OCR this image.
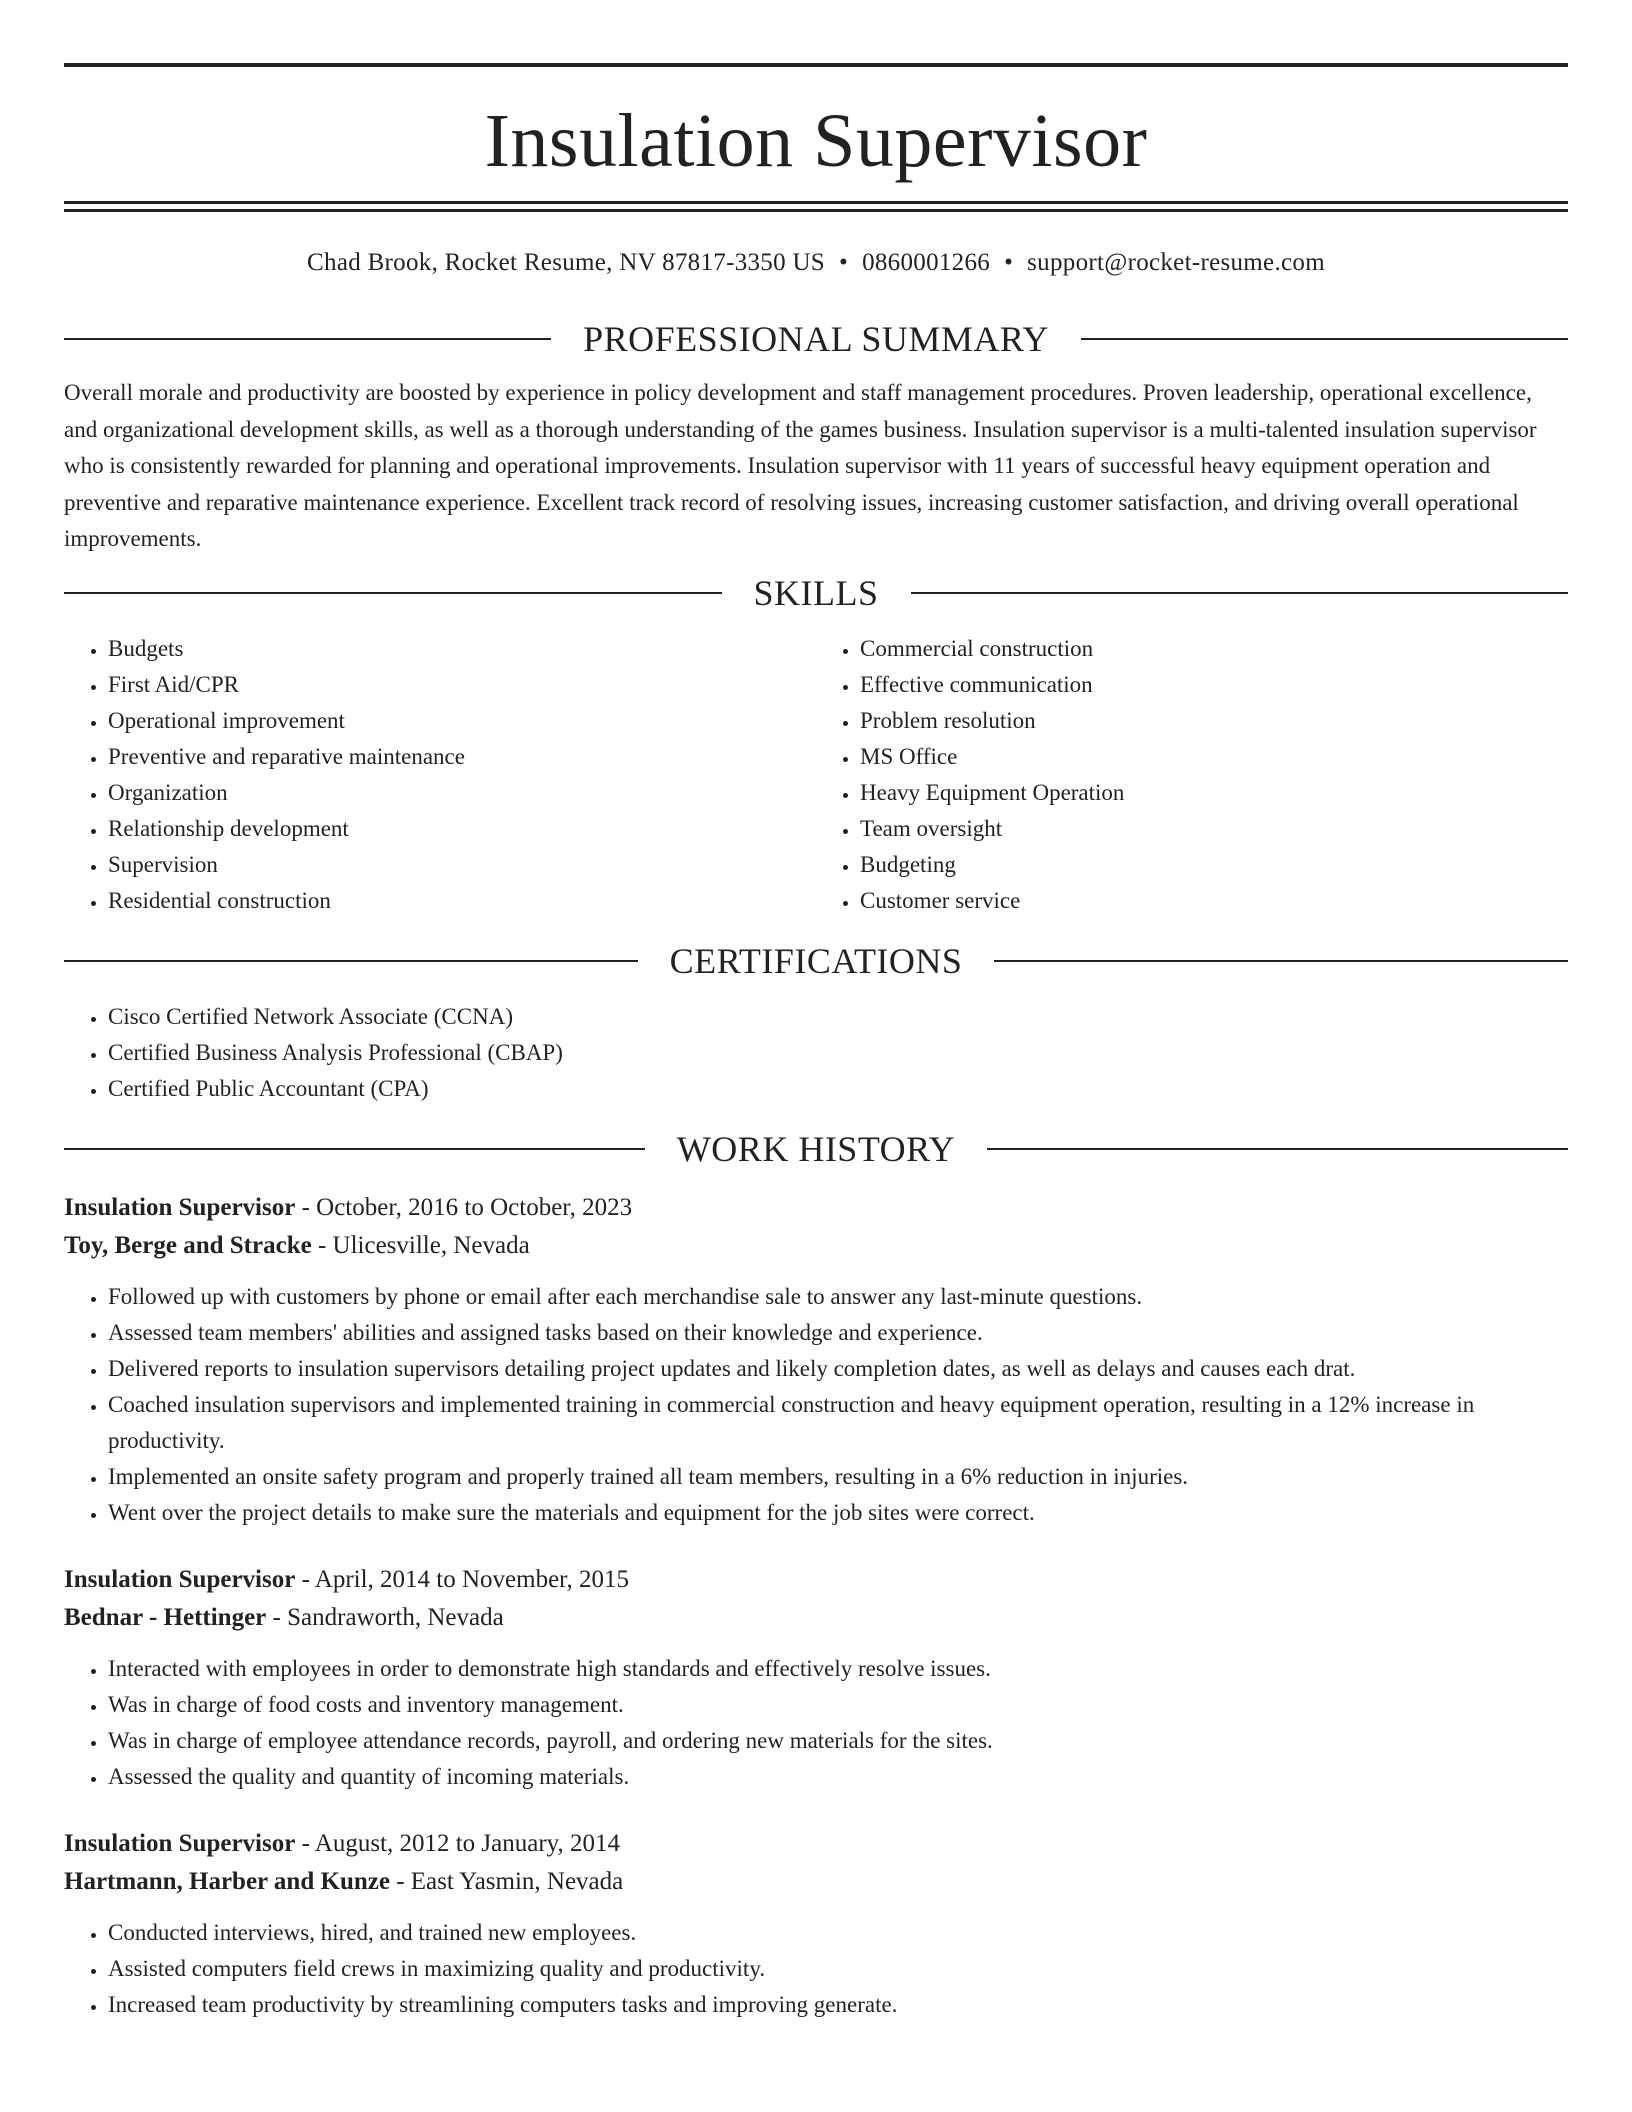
Insulation Supervisor
Chad Brook, Rocket Resume, NV 87817-3350 US • 0860001266 • support@rocket-resume.com
PROFESSIONAL SUMMARY

Overall morale and productivity are boosted by experience in policy development and staff management procedures. Proven leadership, operational excellence, and organizational development skills, as well as a thorough understanding of the games business. Insulation supervisor is a multi-talented insulation supervisor who is consistently rewarded for planning and operational improvements. Insulation supervisor with 11 years of successful heavy equipment operation and preventive and reparative maintenance experience. Excellent track record of resolving issues, increasing customer satisfaction, and driving overall operational improvements.

SKILLS
• Budgets
• First Aid/CPR
• Operational improvement
• Preventive and reparative maintenance
• Organization
• Relationship development
• Supervision
• Residential construction
• Commercial construction
• Effective communication
• Problem resolution
• MS Office
• Heavy Equipment Operation
• Team oversight
• Budgeting
• Customer service
CERTIFICATIONS
• Cisco Certified Network Associate (CCNA)
• Certified Business Analysis Professional (CBAP)
• Certified Public Accountant (CPA)
WORK HISTORY
Insulation Supervisor - October, 2016 to October, 2023
Toy, Berge and Stracke - Ulicesville, Nevada
• Followed up with customers by phone or email after each merchandise sale to answer any last-minute questions.
• Assessed team members' abilities and assigned tasks based on their knowledge and experience.
• Delivered reports to insulation supervisors detailing project updates and likely completion dates, as well as delays and causes each drat.
• Coached insulation supervisors and implemented training in commercial construction and heavy equipment operation, resulting in a 12% increase in productivity.
• Implemented an onsite safety program and properly trained all team members, resulting in a 6% reduction in injuries.
• Went over the project details to make sure the materials and equipment for the job sites were correct.
Insulation Supervisor - April, 2014 to November, 2015
Bednar - Hettinger - Sandraworth, Nevada
• Interacted with employees in order to demonstrate high standards and effectively resolve issues.
• Was in charge of food costs and inventory management.
• Was in charge of employee attendance records, payroll, and ordering new materials for the sites.
• Assessed the quality and quantity of incoming materials.
Insulation Supervisor - August, 2012 to January, 2014
Hartmann, Harber and Kunze - East Yasmin, Nevada
• Conducted interviews, hired, and trained new employees.
• Assisted computers field crews in maximizing quality and productivity.
• Increased team productivity by streamlining computers tasks and improving generate.
